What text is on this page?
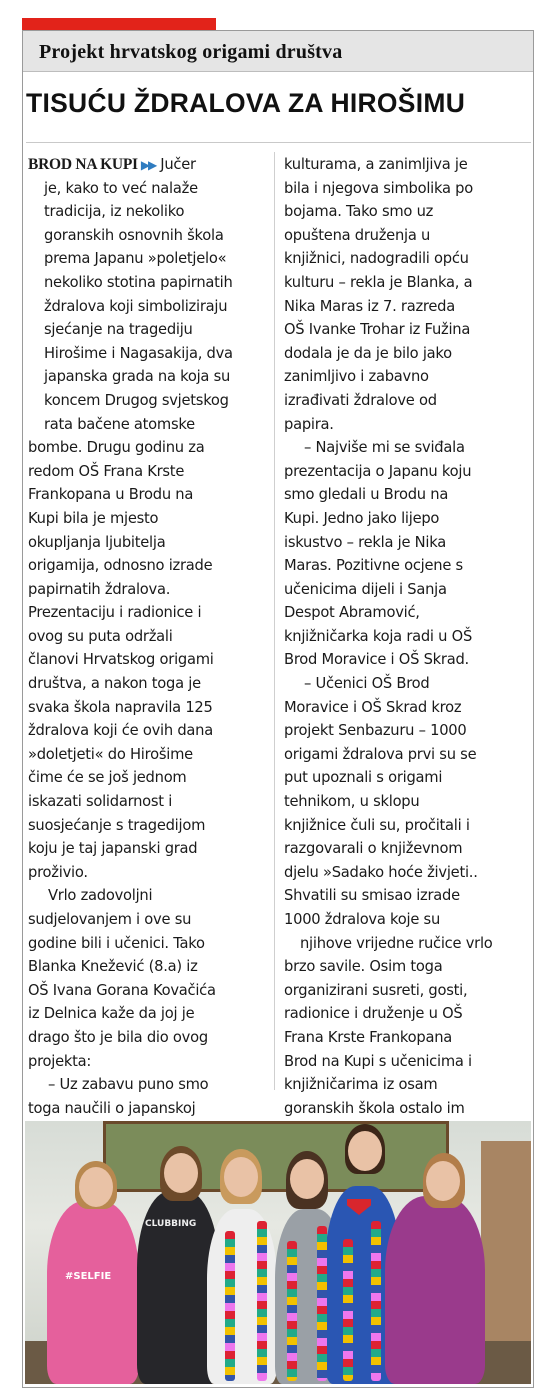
Projekt hrvatskog origami društva
TISUĆU ŽDRALOVA ZA HIROŠIMU
BROD NA KUPI ▶▶ Jučer
je, kako to već nalaže
tradicija, iz nekoliko
goranskih osnovnih škola
prema Japanu »poletjelo«
nekoliko stotina papirnatih
ždralova koji simboliziraju
sjećanje na tragediju
Hirošime i Nagasakija, dva
japanska grada na koja su
koncem Drugog svjetskog
rata bačene atomske
bombe. Drugu godinu za
redom OŠ Frana Krste
Frankopana u Brodu na
Kupi bila je mjesto
okupljanja ljubitelja
origamija, odnosno izrade
papirnatih ždralova.
Prezentaciju i radionice i
ovog su puta održali
članovi Hrvatskog origami
društva, a nakon toga je
svaka škola napravila 125
ždralova koji će ovih dana
»doletjeti« do Hirošime
čime će se još jednom
iskazati solidarnost i
suosjećanje s tragedijom
koju je taj japanski grad
proživio.
Vrlo zadovoljni
sudjelovanjem i ove su
godine bili i učenici. Tako
Blanka Knežević (8.a) iz
OŠ Ivana Gorana Kovačića
iz Delnica kaže da joj je
drago što je bila dio ovog
projekta:
– Uz zabavu puno smo
toga naučili o japanskoj
kulturama, a zanimljiva je
bila i njegova simbolika po
bojama. Tako smo uz
opuštena druženja u
knjižnici, nadogradili opću
kulturu – rekla je Blanka, a
Nika Maras iz 7. razreda
OŠ Ivanke Trohar iz Fužina
dodala je da je bilo jako
zanimljivo i zabavno
izrađivati ždralove od
papira.
– Najviše mi se sviđala
prezentacija o Japanu koju
smo gledali u Brodu na
Kupi. Jedno jako lijepo
iskustvo – rekla je Nika
Maras. Pozitivne ocjene s
učenicima dijeli i Sanja
Despot Abramović,
knjižničarka koja radi u OŠ
Brod Moravice i OŠ Skrad.
– Učenici OŠ Brod
Moravice i OŠ Skrad kroz
projekt Senbazuru – 1000
origami ždralova prvi su se
put upoznali s origami
tehnikom, u sklopu
knjižnice čuli su, pročitali i
razgovarali o književnom
djelu »Sadako hoće živjeti..
Shvatili su smisao izrade
1000 ždralova koje su
njihove vrijedne ručice vrlo
brzo savile. Osim toga
organizirani susreti, gosti,
radionice i druženje u OŠ
Frana Krste Frankopana
Brod na Kupi s učenicima i
knjižničarima iz osam
goranskih škola ostalo im
#SELFIE
CLUBBING
